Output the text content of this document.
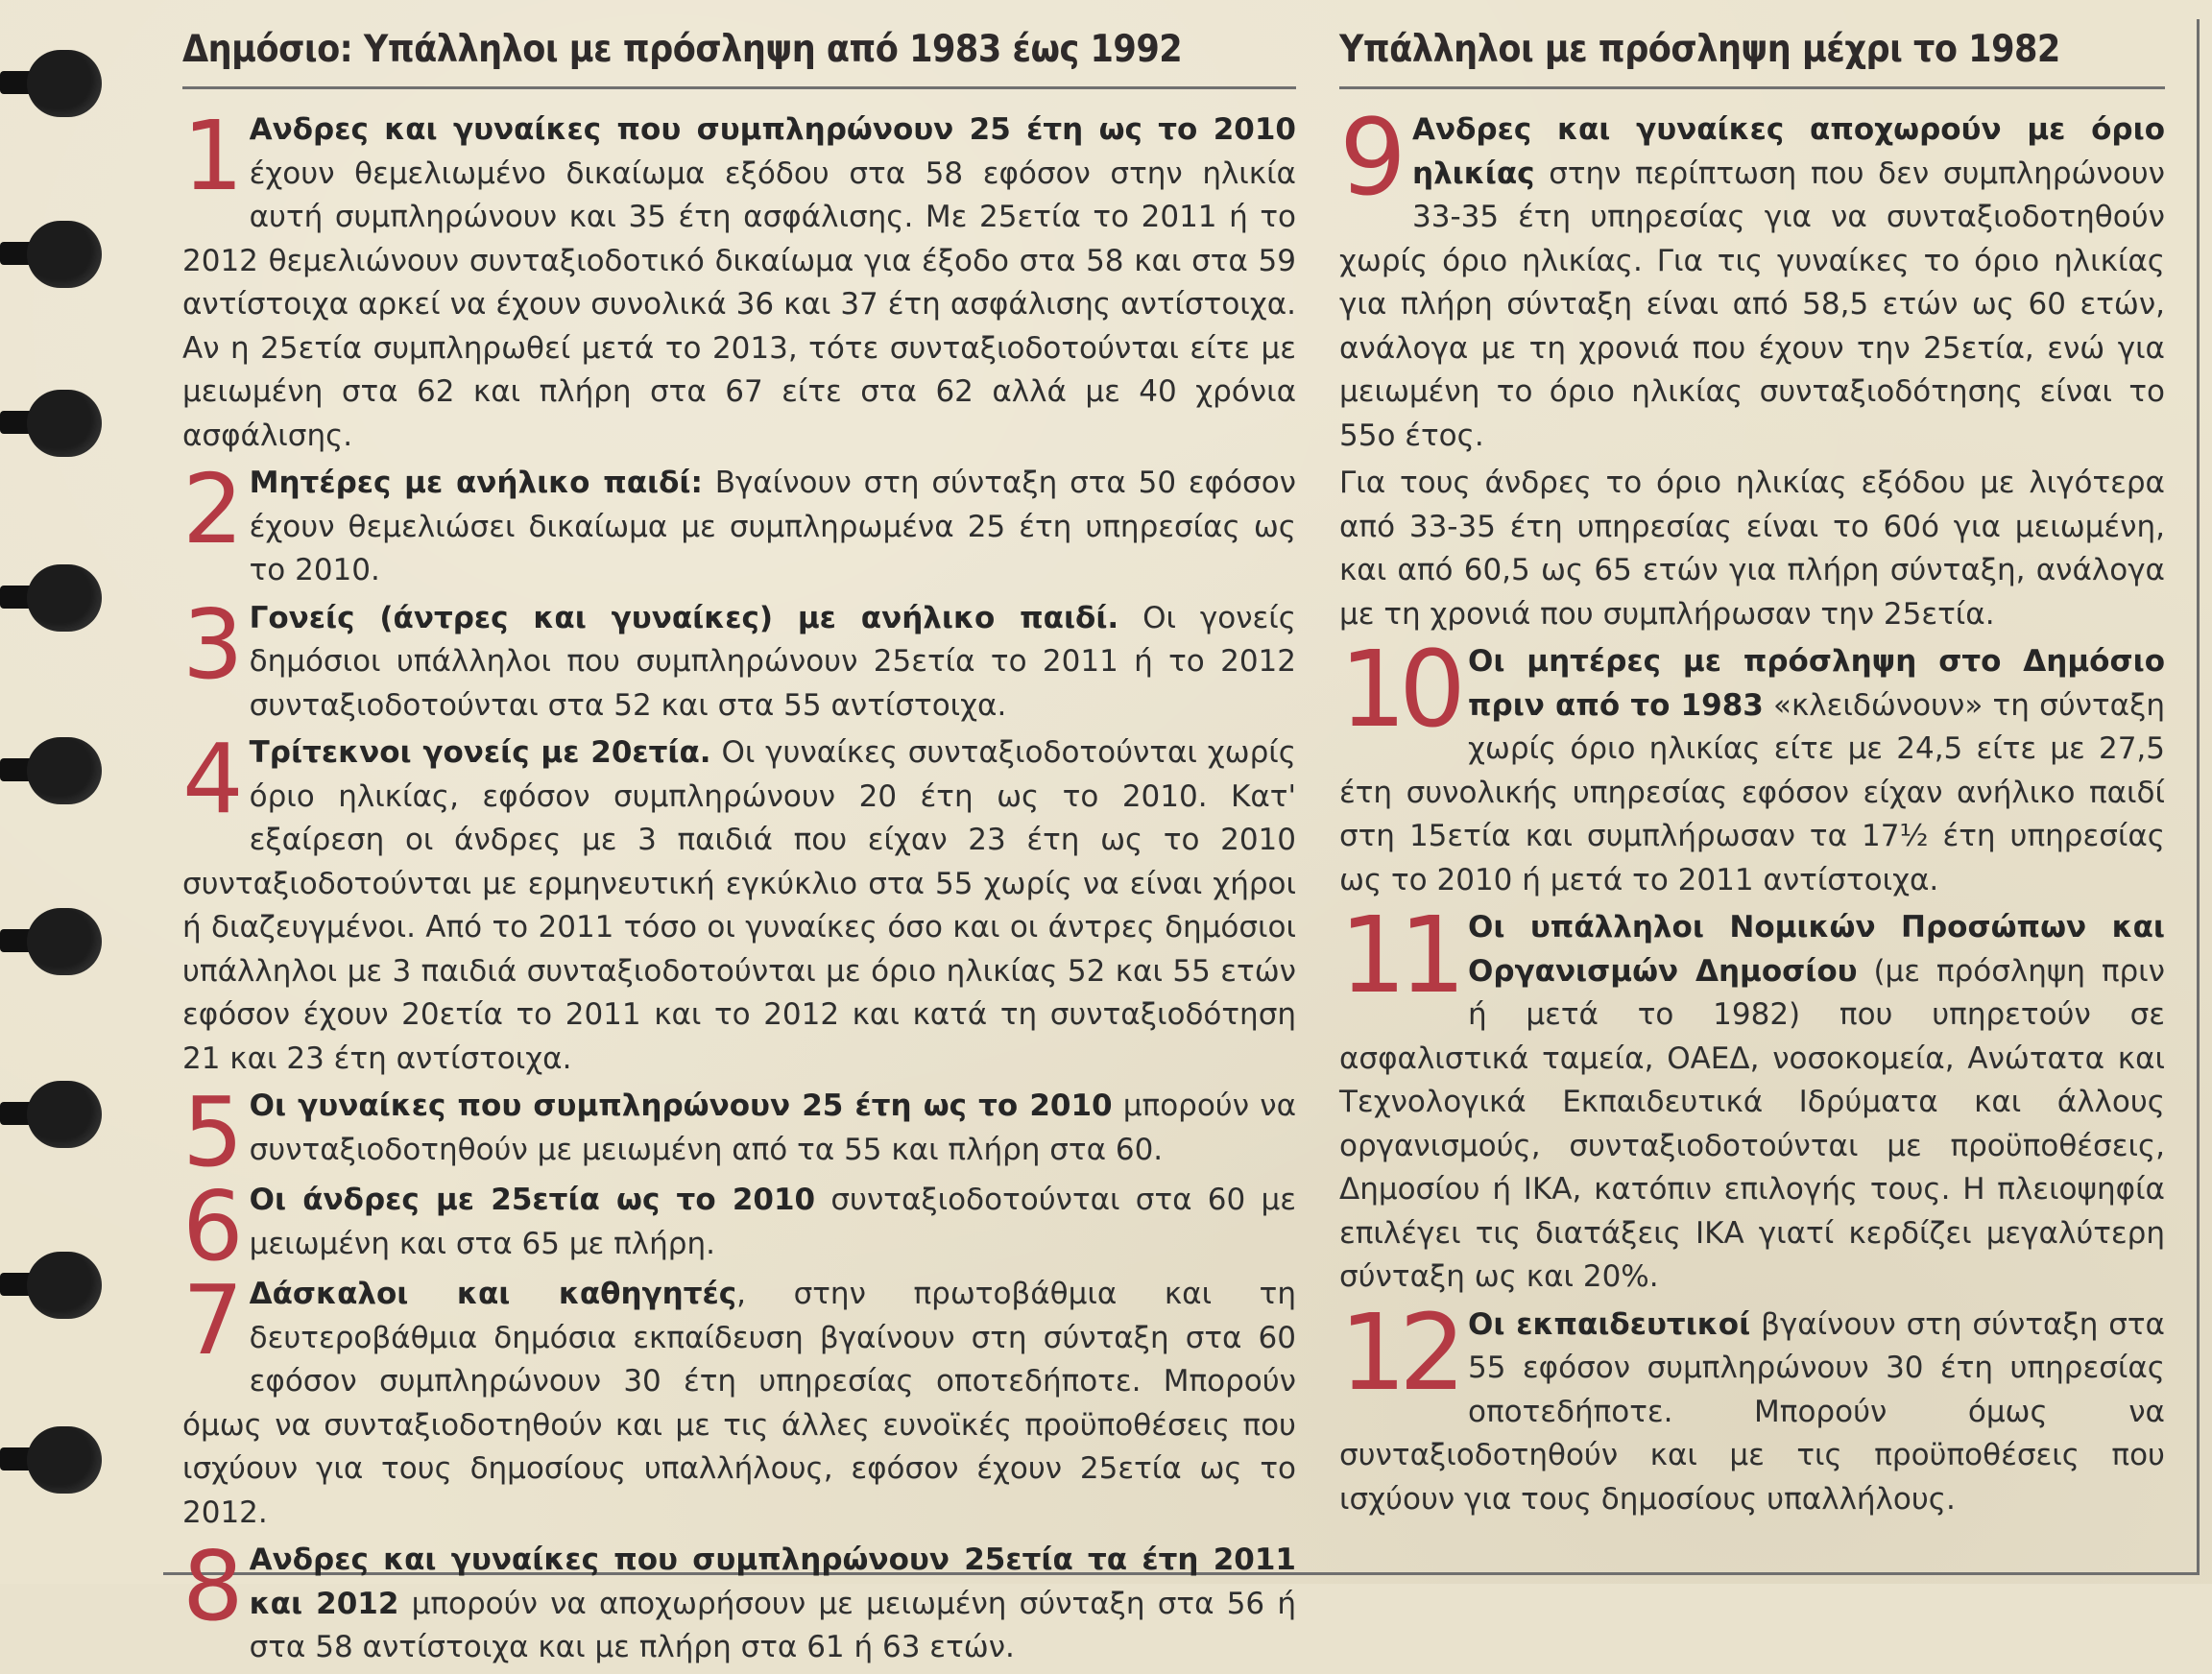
Δημόσιο: Υπάλληλοι με πρόσληψη από 1983 έως 1992
1 Ανδρες και γυναίκες που συμπληρώνουν 25 έτη ως το 2010 έχουν θεμελιωμένο δικαίωμα εξόδου στα 58 εφόσον στην ηλικία αυτή συμπληρώνουν και 35 έτη ασφάλισης. Με 25ετία το 2011 ή το 2012 θεμελιώνουν συνταξιοδοτικό δικαίωμα για έξοδο στα 58 και στα 59 αντίστοιχα αρκεί να έχουν συνολικά 36 και 37 έτη ασφάλισης αντίστοιχα. Αν η 25ετία συμπληρωθεί μετά το 2013, τότε συνταξιοδοτούνται είτε με μειωμένη στα 62 και πλήρη στα 67 είτε στα 62 αλλά με 40 χρόνια ασφάλισης.
2 Μητέρες με ανήλικο παιδί: Βγαίνουν στη σύνταξη στα 50 εφόσον έχουν θεμελιώσει δικαίωμα με συμπληρωμένα 25 έτη υπηρεσίας ως το 2010.
3 Γονείς (άντρες και γυναίκες) με ανήλικο παιδί. Οι γονείς δημόσιοι υπάλληλοι που συμπληρώνουν 25ετία το 2011 ή το 2012 συνταξιοδοτούνται στα 52 και στα 55 αντίστοιχα.
4 Τρίτεκνοι γονείς με 20ετία. Οι γυναίκες συνταξιοδοτούνται χωρίς όριο ηλικίας, εφόσον συμπληρώνουν 20 έτη ως το 2010. Κατ' εξαίρεση οι άνδρες με 3 παιδιά που είχαν 23 έτη ως το 2010 συνταξιοδοτούνται με ερμηνευτική εγκύκλιο στα 55 χωρίς να είναι χήροι ή διαζευγμένοι. Από το 2011 τόσο οι γυναίκες όσο και οι άντρες δημόσιοι υπάλληλοι με 3 παιδιά συνταξιοδοτούνται με όριο ηλικίας 52 και 55 ετών εφόσον έχουν 20ετία το 2011 και το 2012 και κατά τη συνταξιοδότηση 21 και 23 έτη αντίστοιχα.
5 Οι γυναίκες που συμπληρώνουν 25 έτη ως το 2010 μπορούν να συνταξιοδοτηθούν με μειωμένη από τα 55 και πλήρη στα 60.
6 Οι άνδρες με 25ετία ως το 2010 συνταξιοδοτούνται στα 60 με μειωμένη και στα 65 με πλήρη.
7 Δάσκαλοι και καθηγητές, στην πρωτοβάθμια και τη δευτεροβάθμια δημόσια εκπαίδευση βγαίνουν στη σύνταξη στα 60 εφόσον συμπληρώνουν 30 έτη υπηρεσίας οποτεδήποτε. Μπορούν όμως να συνταξιοδοτηθούν και με τις άλλες ευνοϊκές προϋποθέσεις που ισχύουν για τους δημοσίους υπαλλήλους, εφόσον έχουν 25ετία ως το 2012.
8 Ανδρες και γυναίκες που συμπληρώνουν 25ετία τα έτη 2011 και 2012 μπορούν να αποχωρήσουν με μειωμένη σύνταξη στα 56 ή στα 58 αντίστοιχα και με πλήρη στα 61 ή 63 ετών.
Υπάλληλοι με πρόσληψη μέχρι το 1982
9 Ανδρες και γυναίκες αποχωρούν με όριο ηλικίας στην περίπτωση που δεν συμπληρώνουν 33-35 έτη υπηρεσίας για να συνταξιοδοτηθούν χωρίς όριο ηλικίας. Για τις γυναίκες το όριο ηλικίας για πλήρη σύνταξη είναι από 58,5 ετών ως 60 ετών, ανάλογα με τη χρονιά που έχουν την 25ετία, ενώ για μειωμένη το όριο ηλικίας συνταξιοδότησης είναι το 55ο έτος.
Για τους άνδρες το όριο ηλικίας εξόδου με λιγότερα από 33-35 έτη υπηρεσίας είναι το 60ό για μειωμένη, και από 60,5 ως 65 ετών για πλήρη σύνταξη, ανάλογα με τη χρονιά που συμπλήρωσαν την 25ετία.
10 Οι μητέρες με πρόσληψη στο Δημόσιο πριν από το 1983 «κλειδώνουν» τη σύνταξη χωρίς όριο ηλικίας είτε με 24,5 είτε με 27,5 έτη συνολικής υπηρεσίας εφόσον είχαν ανήλικο παιδί στη 15ετία και συμπλήρωσαν τα 17½ έτη υπηρεσίας ως το 2010 ή μετά το 2011 αντίστοιχα.
11 Οι υπάλληλοι Νομικών Προσώπων και Οργανισμών Δημοσίου (με πρόσληψη πριν ή μετά το 1982) που υπηρετούν σε ασφαλιστικά ταμεία, ΟΑΕΔ, νοσοκομεία, Ανώτατα και Τεχνολογικά Εκπαιδευτικά Ιδρύματα και άλλους οργανισμούς, συνταξιοδοτούνται με προϋποθέσεις, Δημοσίου ή ΙΚΑ, κατόπιν επιλογής τους. Η πλειοψηφία επιλέγει τις διατάξεις ΙΚΑ γιατί κερδίζει μεγαλύτερη σύνταξη ως και 20%.
12 Οι εκπαιδευτικοί βγαίνουν στη σύνταξη στα 55 εφόσον συμπληρώνουν 30 έτη υπηρεσίας οποτεδήποτε. Μπορούν όμως να συνταξιοδοτηθούν και με τις προϋποθέσεις που ισχύουν για τους δημοσίους υπαλλήλους.
